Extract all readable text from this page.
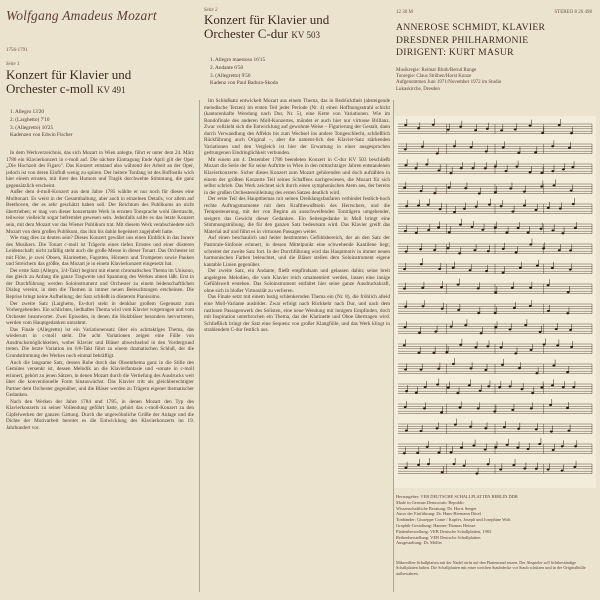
Wolfgang Amadeus Mozart
1756-1791
Seite 1
Konzert für Klavier und
Orchester c-moll KV 491
1. Allegro 13'20
2. (Larghetto) 7'10
3. (Allegretto) 10'25
Kadenzen von Edwin Fischer
Seite 2
Konzert für Klavier und
Orchester C-dur KV 503
1. Allegro maestoso 16'15
2. Andante 6'50
3. (Allegretto) 9'50
Kadenz von Paul Badura-Skoda
12 30 M	STEREO 8 26 498
ANNEROSE SCHMIDT, KLAVIER
DRESDNER PHILHARMONIE
DIRIGENT: KURT MASUR
Musikregie: Reimar Bluth/Bernd Runge
Tonregie: Claus Strüben/Horst Kunze
Aufgenommen Juni 1971/November 1972 im Studio
Lukaskirche, Dresden

In dem Werkverzeichnis, das sich Mozart in Wien anlegte, führt er unter dem 24. März 1786 ein Klavierkonzert in c-moll auf. Die nächste Eintragung Ende April gilt der Oper „Die Hochzeit des Figaro". Das Konzert entstand also während der Arbeit an der Oper, jedoch ist von deren Einfluß wenig zu spüren. Der heitere Tonfang ist des Buffostils wich hier einem ernsten, mit ihrer des Humors und Tragik durchwehte Stimmung, die ganz gegensätzlich erscheint.

Außer dem d-moll-Konzert aus dem Jahre 1785 wählte er nur noch für dieses eine Molltonart. Es weist in der Gesamthaltung, aber auch in einzelnen Details, vor allem auf Beethoven, der es sehr geschätzt haben soll. Der Reichtum des Publikums an nicht übertrieben; er mag von dieser konzertante Werk in ernsten Tonsprache wohl überrascht, teilweise vielleicht sogar befremdet gewesen sein. Jedenfalls sollte es das letzte Konzert sein, mit dem Mozart vor das Wiener Publikum trat. Mit diesem Werk verabschiedete sich Mozart von dem großen Publikum, das ihm bis dahin begeistert zugejubelt hatte.

Wie mag dies zu deuten sein? Dieses Konzert gewährt uns einen Einblick in das Innere des Musikers. Die Tonart c-moll ist Trägerin eines tiefen Ernstes und einer düsteren Leidenschaft; nicht zufällig steht auch die große Messe in dieser Tonart. Das Orchester ist mit Flöte, je zwei Oboen, Klarinetten, Fagotten, Hörnern und Trompeten sowie Pauken und Streichern das größte, das Mozart je in einem Klavierkonzert eingesetzt hat.

Der erste Satz (Allegro, 3/4-Takt) beginnt mit einem chromatischen Thema im Unisono, das gleich zu Anfang die ganze Tragweite und Spannung des Werkes ahnen läßt. Erst in der Durchführung werden Soloinstrument und Orchester zu einem leidenschaftlichen Dialog vereint, in dem die Themen in immer neuen Beleuchtungen erscheinen. Die Reprise bringt keine Aufhellung; der Satz schließt in düsterem Pianissimo.

Der zweite Satz (Larghetto, Es-dur) steht in denkbar großem Gegensatz zum Vorhergehenden. Ein schlichtes, liedhaftes Thema wird vom Klavier vorgetragen und vom Orchester beantwortet. Zwei Episoden, in denen die Holzbläser besonders hervortreten, werden vom Hauptgedanken umrahmt.

Das Finale (Allegretto) ist ein Variationensatz über ein achttaktiges Thema, das wiederum in c-moll steht. Die acht Variationen zeigen eine Fülle von Ausdrucksmöglichkeiten, wobei Klavier und Bläser abwechselnd in den Vordergrund treten. Die letzte Variation im 6/8-Takt führt zu einem dramatischen Schluß, der die Grundstimmung des Werkes noch einmal bekräftigt.

Auch die langsame Satz, dessen Ruhe durch das Oboenthema ganz in die Stille des Gemütes versenkt ist, dessen Melodik an die Klavierfantasie und -sonate in c-moll erinnert, gehört zu jenen Sätzen, in denen Mozart durch die Vertiefung des Ausdrucks weit über die konventionelle Form hinauswächst. Das Klavier tritt als gleichberechtigter Partner dem Orchester gegenüber, und die Bläser werden zu Trägern eigener thematischer Gedanken.

Nach den Werken der Jahre 1784 und 1785, in denen Mozart den Typ des Klavierkonzerts zu seiner Vollendung geführt hatte, gehört das c-moll-Konzert zu den Gipfelwerken der ganzen Gattung. Durch die ungewöhnliche Größe der Anlage und die Dichte der Motivarbeit bereitet es die Entwicklung des Klavierkonzerts im 19. Jahrhundert vor.

Im Schlußsatz entwickelt Mozart aus einem Thema, das in Bedrücktheit (absteigende melodische Terzen) im ersten Teil jeder Periode (Nr. 4) einen Hoffnungsstrahl schickt (kantorenhafte Wendung nach Dur, Nr. 5), eine Kette von Variationen. Wie im Rondofinale des anderen Moll-Konzertes, mündet er auch hier nur virtuose Brillanz. Zwar vollzieht sich die Entwicklung auf gewohnte Weise – Figurierung der Gestalt, dann durch Verwandlung des Affekts bis zum Wechsel ins andere Tongeschlecht, schließlich Rückführung auch Original –, aber die nament-lich den Klavier-Satz stärkenden Variationen und den Vergleich ist hier der Erwartung in einer ausgesprochen gedrungenen Eindringlichkeit verbunden.

Mit einem am 4. Dezember 1786 beendeten Konzert in C-dur KV 503 beschließt Mozart die Serie der für seine Auftritte in Wien in den mittachtziger Jahren entstandenen Klavierkonzerte. Sicher dieses Konzert zum Mozart gehörenden und doch aufzählen in einem der größten Konzerte Teil seines Schaffens nachgewiesen, die Mozart für sich selbst schrieb. Das Werk zeichnet sich durch einen symphonischen Atem aus, der bereits in der großen Orchestereinleitung des ersten Satzes deutlich wird.

Der erste Teil des Hauptthemas mit seinen Dreiklangsfanfaren verbindet festlich-hoch rechte Auftragsmomente mit dem Kraftbewußtsein des Herrschers, und die Temposteuerung, mit der von Beginn an ausschweifenden Tonträgern umgehender, steigern das Gewicht dieser Gedanken. Ein Seitengedanke in Moll bringt eine Stimmungstrübung, die für den ganzen Satz bedeutsam wird. Das Klavier greift das Material auf und führt es in virtuosen Passagen weiter.

Auf einen beschaulich und heiter bestimmten Gefühlsbereich, der an den Satz der Pastorale-Sinfonie erinnert, in dessen Mittelpunkt eine schwebende Kantilene liegt, schreitet der zweite Satz fort. In der Durchführung wird das Hauptmotiv in immer neuen harmonischen Farben beleuchtet, und die Bläser stellen dem Soloinstrument eigene kantable Linien gegenüber.

Der zweite Satz, ein Andante, fließt empfindsam und gelassen dahin; seine breit angelegten Melodien, die vom Klavier reich ornamentiert werden, lassen eine innige Gefühlswelt erstehen. Das Soloinstrument entfaltet hier seine ganze Ausdruckskraft, ohne sich in bloßer Virtuosität zu verlieren.

Das Finale setzt mit einem lustig schlenkernden Thema ein (Nr. 8), die fröhlich alleid eine Moll-Variante ausbildet. Zwar erfolgt nach Rückkehr nach Dur, und nach dem rastlosen Passagenwerk des Solisten, eine neue Wendung mit innigem Empfinden, doch mit Inspiration unterbrochen ein Thema, das der Klarinette und Oboe übertragen wird. Schließlich bringt der Satz eine Sequenz von großer Klangfülle, und das Werk klingt in strahlendem C-dur festlich aus.

Herausgeber: VEB DEUTSCHE SCHALLPLATTEN BERLIN DDR
Made in German Democratic Republic
Wissenschaftliche Beratung: Dr. Horst Seeger
Autor der Einführung: Dr. Hans-Hermann Dittel
Tonbänder: Giuseppe Conte / Kupfer, Joseph und Josephine Wolt
Graphik-Gestaltung: Hannes-Thomas Heinze
Plattenherstellung: VEB Deutsche Schallplatten, 1983
Reihenherstellung: VEB Deutsche Schallplatten
Ausgestaltung: Dr. Möller
Mikrorillen-Schallplatten mit der Nadel nicht auf den Plattenrand setzen. Der Abspieler soll lichtbeständige Schallplatten haben. Die Schallplatten mit einer weichen Staubdecke vor Staub schützen und in der Originalhülle aufbewahren.
